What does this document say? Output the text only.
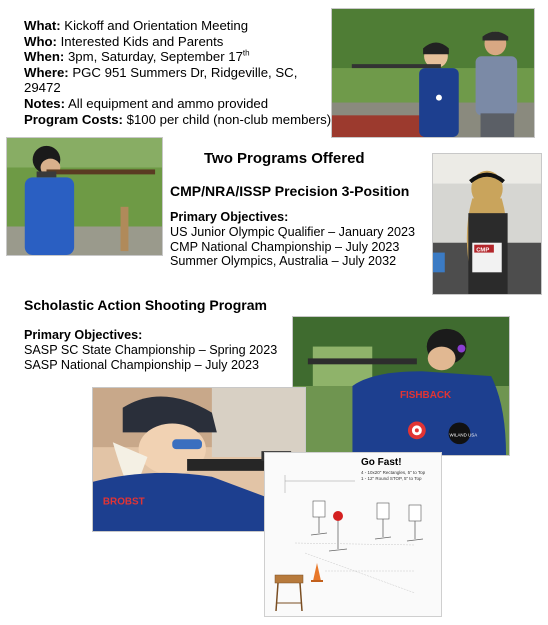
What: Kickoff and Orientation Meeting
Who: Interested Kids and Parents
When: 3pm, Saturday, September 17th
Where: PGC 951 Summers Dr, Ridgeville, SC, 29472
Notes: All equipment and ammo provided
Program Costs: $100 per child (non-club members)
Two Programs Offered
CMP/NRA/ISSP Precision 3-Position
Primary Objectives:
US Junior Olympic Qualifier – January 2023
CMP National Championship – July 2023
Summer Olympics, Australia – July 2032
CMP
Scholastic Action Shooting Program
Primary Objectives:
SASP SC State Championship – Spring 2023
SASP National Championship – July 2023
FISHBACK
WILAND USA
BROBST
Go Fast!
4 - 10x20" Rectangles, 5" to Top
1 - 12" Round STOP, 5" to Top
